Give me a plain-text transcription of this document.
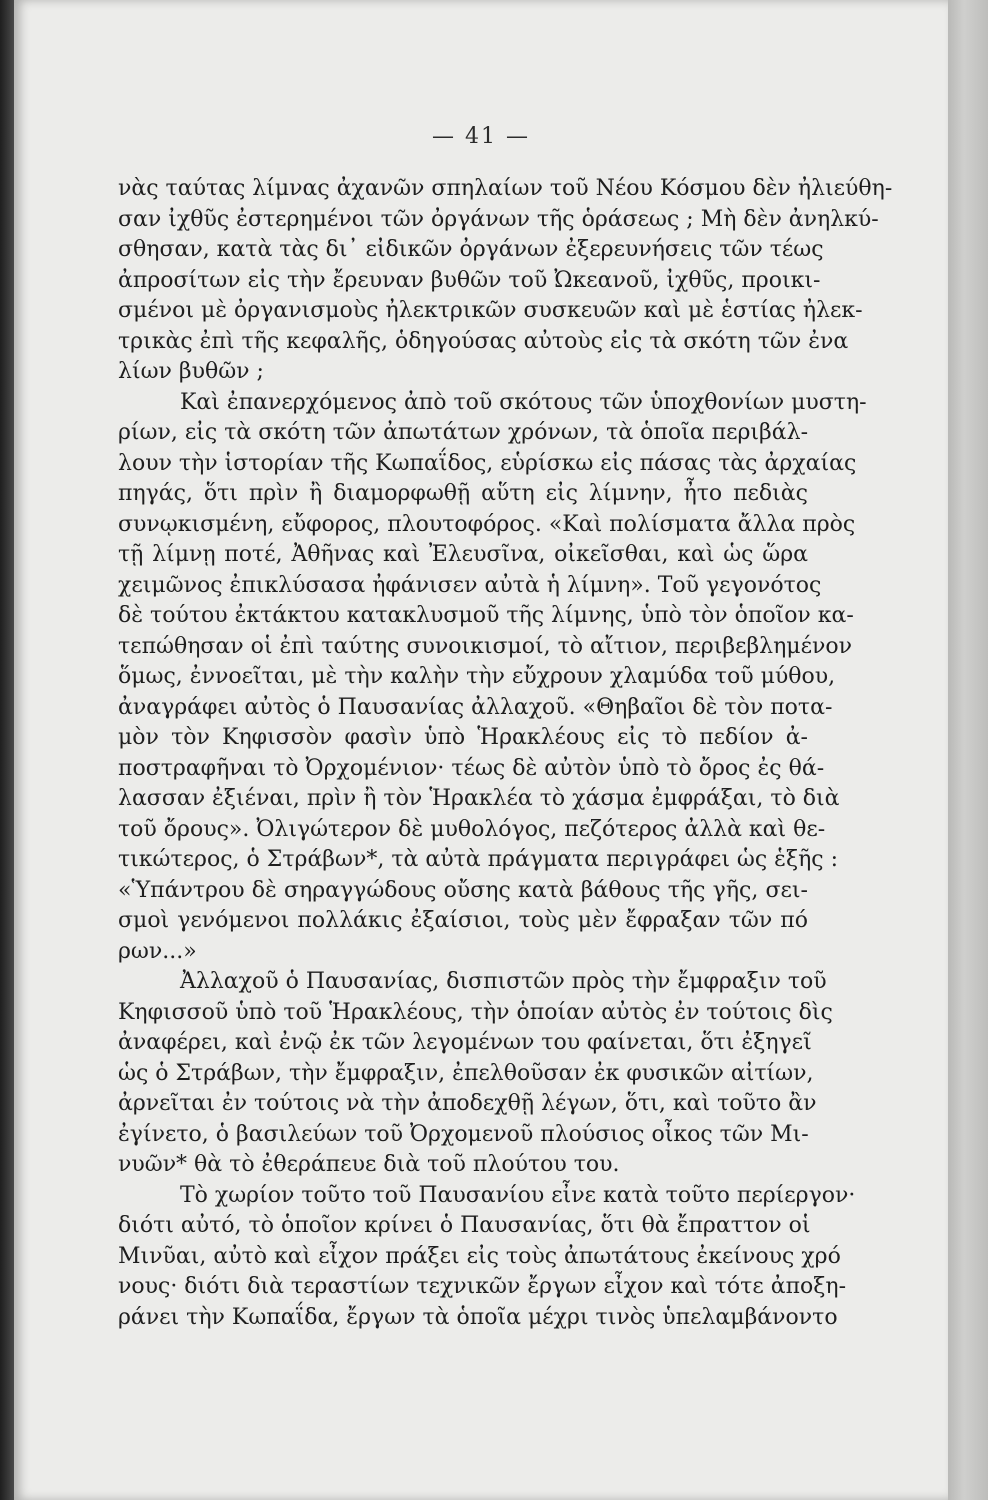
— 41 —
νὰς ταύτας λίμνας ἀχανῶν σπηλαίων τοῦ Νέου Κόσμου δὲν ἠλιεύθη-
σαν ἰχθῦς ἐστερημένοι τῶν ὀργάνων τῆς ὁράσεως ; Μὴ δὲν ἀνηλκύ-
σθησαν, κατὰ τὰς δι᾽ εἰδικῶν ὀργάνων ἐξερευνήσεις τῶν τέως
ἀπροσίτων εἰς τὴν ἔρευναν βυθῶν τοῦ Ὠκεανοῦ, ἰχθῦς, προικι-
σμένοι μὲ ὀργανισμοὺς ἠλεκτρικῶν συσκευῶν καὶ μὲ ἑστίας ἠλεκ-
τρικὰς ἐπὶ τῆς κεφαλῆς, ὁδηγούσας αὐτοὺς εἰς τὰ σκότη τῶν ἐνα
λίων βυθῶν ;
Καὶ ἐπανερχόμενος ἀπὸ τοῦ σκότους τῶν ὑποχθονίων μυστη-
ρίων, εἰς τὰ σκότη τῶν ἀπωτάτων χρόνων, τὰ ὁποῖα περιβάλ-
λουν τὴν ἱστορίαν τῆς Κωπαΐδος, εὑρίσκω εἰς πάσας τὰς ἀρχαίας
πηγάς, ὅτι πρὶν ἢ διαμορφωθῇ αὕτη εἰς λίμνην, ἦτο πεδιὰς
συνῳκισμένη, εὔφορος, πλουτοφόρος. «Καὶ πολίσματα ἄλλα πρὸς
τῇ λίμνῃ ποτέ, Ἀθῆνας καὶ Ἐλευσῖνα, οἰκεῖσθαι, καὶ ὡς ὥρα
χειμῶνος ἐπικλύσασα ἠφάνισεν αὐτὰ ἡ λίμνη». Τοῦ γεγονότος
δὲ τούτου ἐκτάκτου κατακλυσμοῦ τῆς λίμνης, ὑπὸ τὸν ὁποῖον κα-
τεπώθησαν οἱ ἐπὶ ταύτης συνοικισμοί, τὸ αἴτιον, περιβεβλημένον
ὅμως, ἐννοεῖται, μὲ τὴν καλὴν τὴν εὔχρουν χλαμύδα τοῦ μύθου,
ἀναγράφει αὐτὸς ὁ Παυσανίας ἀλλαχοῦ. «Θηβαῖοι δὲ τὸν ποτα-
μὸν τὸν Κηφισσὸν φασὶν ὑπὸ Ἡρακλέους εἰς τὸ πεδίον ἀ-
ποστραφῆναι τὸ Ὀρχομένιον· τέως δὲ αὐτὸν ὑπὸ τὸ ὄρος ἐς θά-
λασσαν ἐξιέναι, πρὶν ἢ τὸν Ἡρακλέα τὸ χάσμα ἐμφράξαι, τὸ διὰ
τοῦ ὄρους». Ὀλιγώτερον δὲ μυθολόγος, πεζότερος ἀλλὰ καὶ θε-
τικώτερος, ὁ Στράβων*, τὰ αὐτὰ πράγματα περιγράφει ὡς ἑξῆς :
«Ὑπάντρου δὲ σηραγγώδους οὔσης κατὰ βάθους τῆς γῆς, σει-
σμοὶ γενόμενοι πολλάκις ἐξαίσιοι, τοὺς μὲν ἔφραξαν τῶν πό
ρων...»
Ἀλλαχοῦ ὁ Παυσανίας, δισπιστῶν πρὸς τὴν ἔμφραξιν τοῦ
Κηφισσοῦ ὑπὸ τοῦ Ἡρακλέους, τὴν ὁποίαν αὐτὸς ἐν τούτοις δὶς
ἀναφέρει, καὶ ἐνῷ ἐκ τῶν λεγομένων του φαίνεται, ὅτι ἐξηγεῖ
ὡς ὁ Στράβων, τὴν ἔμφραξιν, ἐπελθοῦσαν ἐκ φυσικῶν αἰτίων,
ἀρνεῖται ἐν τούτοις νὰ τὴν ἀποδεχθῇ λέγων, ὅτι, καὶ τοῦτο ἂν
ἐγίνετο, ὁ βασιλεύων τοῦ Ὀρχομενοῦ πλούσιος οἶκος τῶν Μι-
νυῶν* θὰ τὸ ἐθεράπευε διὰ τοῦ πλούτου του.
Τὸ χωρίον τοῦτο τοῦ Παυσανίου εἶνε κατὰ τοῦτο περίεργον·
διότι αὐτό, τὸ ὁποῖον κρίνει ὁ Παυσανίας, ὅτι θὰ ἔπραττον οἱ
Μινῦαι, αὐτὸ καὶ εἶχον πράξει εἰς τοὺς ἀπωτάτους ἐκείνους χρό
νους· διότι διὰ τεραστίων τεχνικῶν ἔργων εἶχον καὶ τότε ἀποξη-
ράνει τὴν Κωπαΐδα, ἔργων τὰ ὁποῖα μέχρι τινὸς ὑπελαμβάνοντο
